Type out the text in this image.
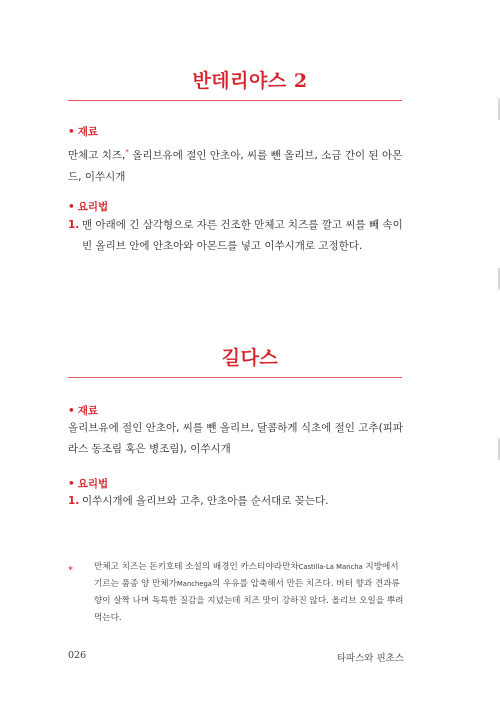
반데리야스 2
• 재료
만체고 치즈,* 올리브유에 절인 안초아, 씨를 뺀 올리브, 소금 간이 된 아몬드, 이쑤시개
• 요리법
1. 맨 아래에 긴 삼각형으로 자른 건조한 만체고 치즈를 깔고 씨를 빼 속이 빈 올리브 안에 안초아와 아몬드를 넣고 이쑤시개로 고정한다.
길다스
• 재료
올리브유에 절인 안초아, 씨를 뺀 올리브, 달콤하게 식초에 절인 고추(피파라스 동조림 혹은 병조림), 이쑤시개
• 요리법
1. 이쑤시개에 올리브와 고추, 안초아를 순서대로 꽂는다.
* 만체고 치즈는 돈키호테 소설의 배경인 카스티야라만차Castilla-La Mancha 지방에서 기르는 품종 양 만체가Manchega의 우유를 압축해서 만든 치즈다. 버터 향과 견과류 향이 살짝 나며 독특한 질감을 지녔는데 치즈 맛이 강하진 않다. 올리브 오일을 뿌려 먹는다.
026	타파스와 핀초스
